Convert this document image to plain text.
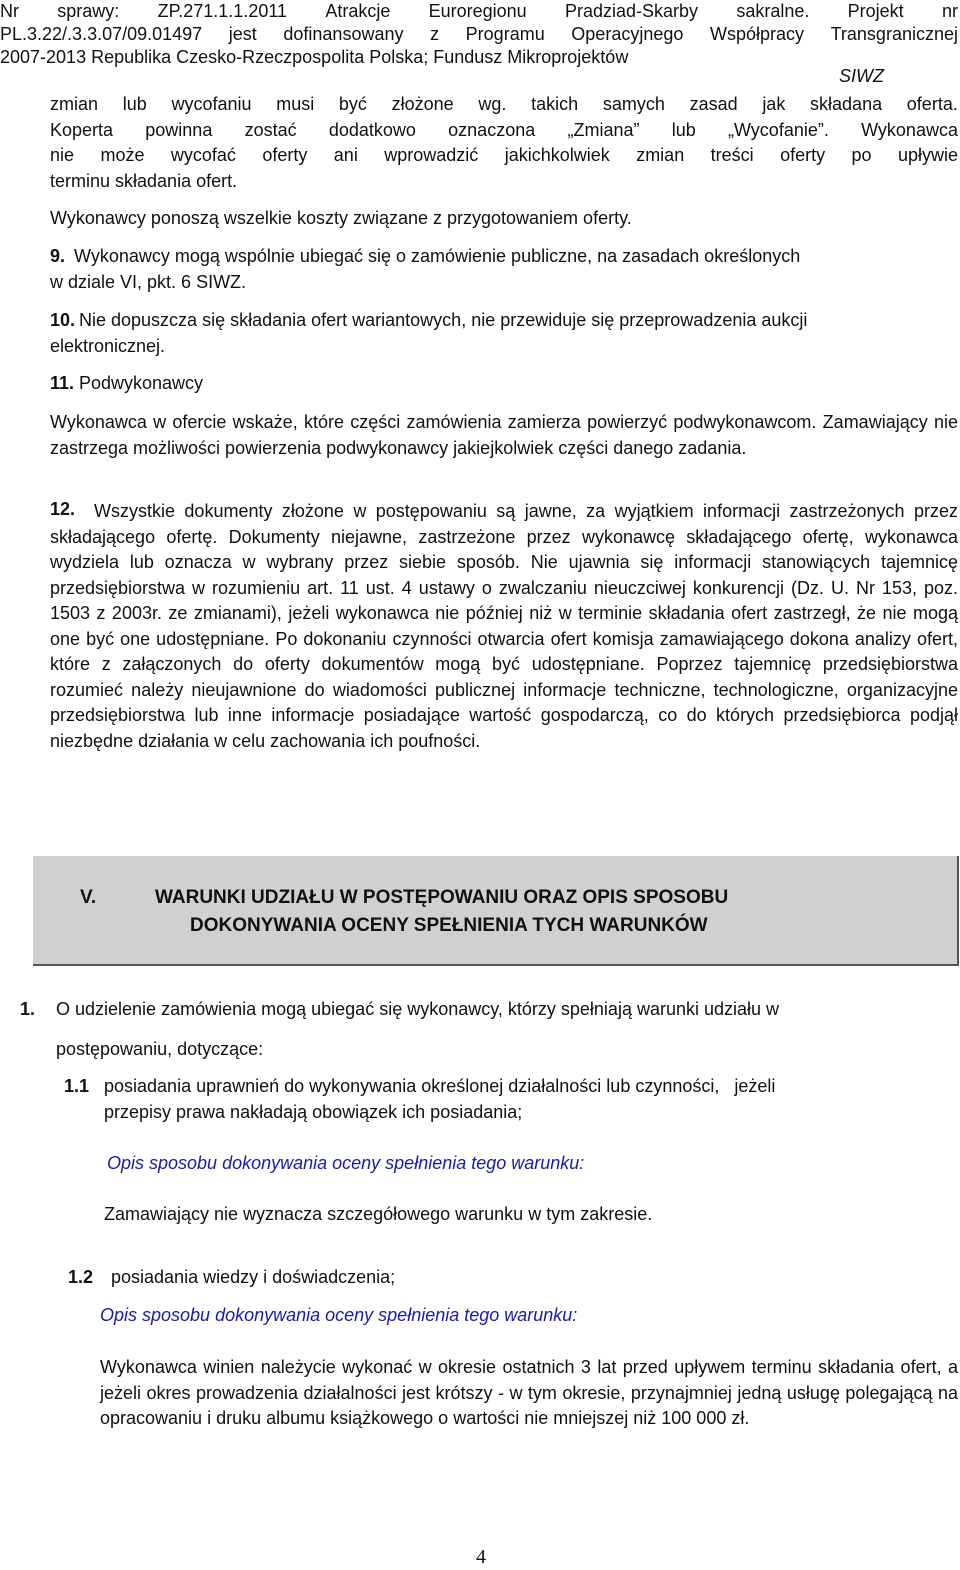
Nr sprawy: ZP.271.1.1.2011 Atrakcje Euroregionu Pradziad-Skarby sakralne. Projekt nr
PL.3.22/.3.3.07/09.01497 jest dofinansowany z Programu Operacyjnego Współpracy Transgranicznej
2007-2013 Republika Czesko-Rzeczpospolita Polska; Fundusz Mikroprojektów
SIWZ
zmian lub wycofaniu musi być złożone wg. takich samych zasad jak składana oferta.
Koperta powinna zostać dodatkowo oznaczona „Zmiana” lub „Wycofanie”. Wykonawca
nie może wycofać oferty ani wprowadzić jakichkolwiek zmian treści oferty po upływie
terminu składania ofert.
Wykonawcy ponoszą wszelkie koszty związane z przygotowaniem oferty.
9. Wykonawcy mogą wspólnie ubiegać się o zamówienie publiczne, na zasadach określonych
w dziale VI, pkt. 6 SIWZ.
10. Nie dopuszcza się składania ofert wariantowych, nie przewiduje się przeprowadzenia aukcji
elektronicznej.
11. Podwykonawcy
Wykonawca w ofercie wskaże, które części zamówienia zamierza powierzyć podwykonawcom. Zamawiający nie zastrzega możliwości powierzenia podwykonawcy jakiejkolwiek części danego zadania.
12.	Wszystkie dokumenty złożone w postępowaniu są jawne, za wyjątkiem informacji zastrzeżonych przez składającego ofertę. Dokumenty niejawne, zastrzeżone przez wykonawcę składającego ofertę, wykonawca wydziela lub oznacza w wybrany przez siebie sposób. Nie ujawnia się informacji stanowiących tajemnicę przedsiębiorstwa w rozumieniu art. 11 ust. 4 ustawy o zwalczaniu nieuczciwej konkurencji (Dz. U. Nr 153, poz. 1503 z 2003r. ze zmianami), jeżeli wykonawca nie później niż w terminie składania ofert zastrzegł, że nie mogą one być one udostępniane. Po dokonaniu czynności otwarcia ofert komisja zamawiającego dokona analizy ofert, które z załączonych do oferty dokumentów mogą być udostępniane. Poprzez tajemnicę przedsiębiorstwa rozumieć należy nieujawnione do wiadomości publicznej informacje techniczne, technologiczne, organizacyjne przedsiębiorstwa lub inne informacje posiadające wartość gospodarczą, co do których przedsiębiorca podjął niezbędne działania w celu zachowania ich poufności.
V.	WARUNKI UDZIAŁU W POSTĘPOWANIU ORAZ OPIS SPOSOBU
DOKONYWANIA OCENY SPEŁNIENIA TYCH WARUNKÓW
1. O udzielenie zamówienia mogą ubiegać się wykonawcy, którzy spełniają warunki udziału w
postępowaniu, dotyczące:
1.1 posiadania uprawnień do wykonywania określonej działalności lub czynności,   jeżeli
przepisy prawa nakładają obowiązek ich posiadania;
Opis sposobu dokonywania oceny spełnienia tego warunku:
Zamawiający nie wyznacza szczegółowego warunku w tym zakresie.
1.2 posiadania wiedzy i doświadczenia;
Opis sposobu dokonywania oceny spełnienia tego warunku:
Wykonawca winien należycie wykonać w okresie ostatnich 3 lat przed upływem terminu składania ofert, a jeżeli okres prowadzenia działalności jest krótszy - w tym okresie, przynajmniej jedną usługę polegającą na opracowaniu i druku albumu książkowego o wartości nie mniejszej niż 100 000 zł.
4
